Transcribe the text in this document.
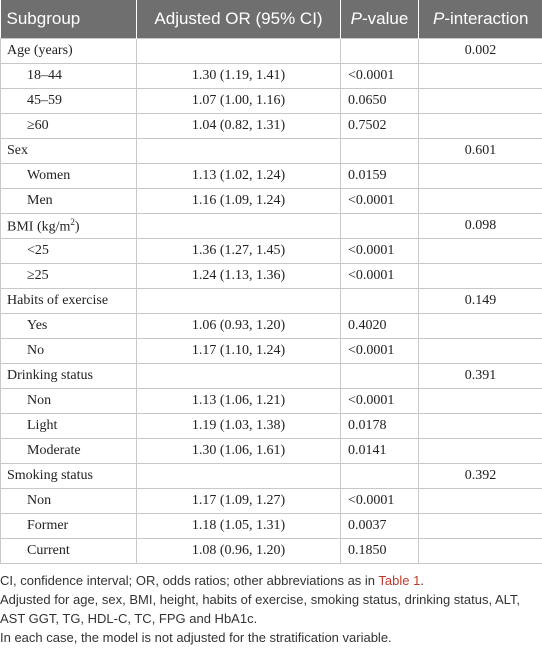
Subgroup	Adjusted OR (95% CI)	P-value	P-interaction
Age (years)			0.002
18–44	1.30 (1.19, 1.41)	<0.0001	
45–59	1.07 (1.00, 1.16)	0.0650	
≥60	1.04 (0.82, 1.31)	0.7502	
Sex			0.601
Women	1.13 (1.02, 1.24)	0.0159	
Men	1.16 (1.09, 1.24)	<0.0001	
BMI $(kg/m^2)$			0.098
<25	1.36 (1.27, 1.45)	<0.0001	
≥25	1.24 (1.13, 1.36)	<0.0001	
Habits of exercise			0.149
Yes	1.06 (0.93, 1.20)	0.4020	
No	1.17 (1.10, 1.24)	<0.0001	
Drinking status			0.391
Non	1.13 (1.06, 1.21)	<0.0001	
Light	1.19 (1.03, 1.38)	0.0178	
Moderate	1.30 (1.06, 1.61)	0.0141	
Smoking status			0.392
Non	1.17 (1.09, 1.27)	<0.0001	
Former	1.18 (1.05, 1.31)	0.0037	
Current	1.08 (0.96, 1.20)	0.1850	

CI, confidence interval; OR, odds ratios; other abbreviations as in Table 1.

Adjusted for age, sex, BMI, height, habits of exercise, smoking status, drinking status, ALT, AST GGT, TG, HDL-C, TC, FPG and HbA1c.

In each case, the model is not adjusted for the stratification variable.
